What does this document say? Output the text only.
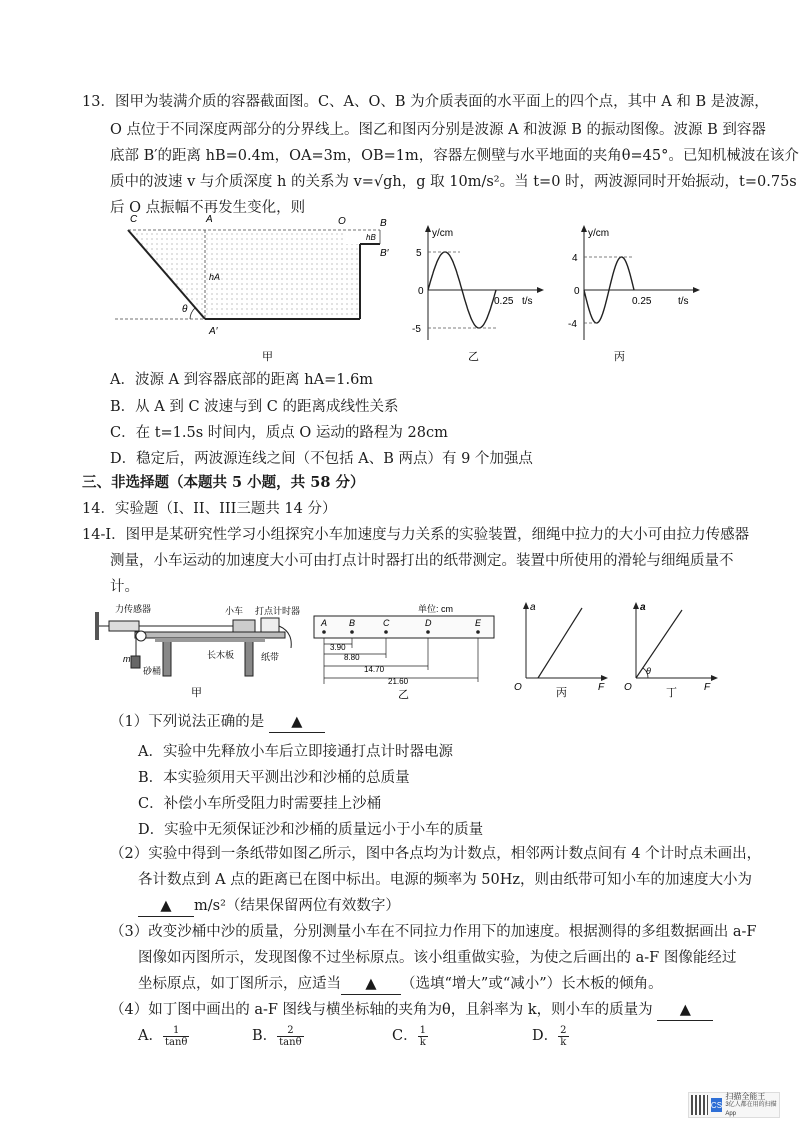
13．图甲为装满介质的容器截面图。C、A、O、B 为介质表面的水平面上的四个点，其中 A 和 B 是波源，
O 点位于不同深度两部分的分界线上。图乙和图丙分别是波源 A 和波源 B 的振动图像。波源 B 到容器
底部 B′的距离 hB=0.4m，OA=3m，OB=1m，容器左侧壁与水平地面的夹角θ=45°。已知机械波在该介
质中的波速 v 与介质深度 h 的关系为 v=√gh，g 取 10m/s²。当 t=0 时，两波源同时开始振动，t=0.75s
后 O 点振幅不再发生变化，则
C	A	O	B
B′
A′
hA
hB
θ
甲
y/cm
t/s
5
-5
0
0.25
乙
y/cm
t/s
4
-4
0
0.25
丙
A．波源 A 到容器底部的距离 hA=1.6m
B．从 A 到 C 波速与到 C 的距离成线性关系
C．在 t=1.5s 时间内，质点 O 运动的路程为 28cm
D．稳定后，两波源连线之间（不包括 A、B 两点）有 9 个加强点
三、非选择题（本题共 5 小题，共 58 分）
14．实验题（I、II、III三题共 14 分）
14-I．图甲是某研究性学习小组探究小车加速度与力关系的实验装置，细绳中拉力的大小可由拉力传感器
测量，小车运动的加速度大小可由打点计时器打出的纸带测定。装置中所使用的滑轮与细绳质量不
计。
力传感器	小车 打点计时器
长木板	纸带
砂桶
m
甲
单位: cm
A B	C	D	E
3.90
8.80
14.70
21.60
乙
a
F
O	丙
a
F
O
θ
丁
（1）下列说法正确的是 ▲
A．实验中先释放小车后立即接通打点计时器电源
B．本实验须用天平测出沙和沙桶的总质量
C．补偿小车所受阻力时需要挂上沙桶
D．实验中无须保证沙和沙桶的质量远小于小车的质量
（2）实验中得到一条纸带如图乙所示，图中各点均为计数点，相邻两计数点间有 4 个计时点未画出，
各计数点到 A 点的距离已在图中标出。电源的频率为 50Hz，则由纸带可知小车的加速度大小为
▲ m/s²（结果保留两位有效数字）
（3）改变沙桶中沙的质量，分别测量小车在不同拉力作用下的加速度。根据测得的多组数据画出 a-F
图像如丙图所示，发现图像不过坐标原点。该小组重做实验，为使之后画出的 a-F 图像能经过
坐标原点，如丁图所示，应适当 ▲ （选填“增大”或“减小”）长木板的倾角。
（4）如丁图中画出的 a-F 图线与横坐标轴的夹角为θ，且斜率为 k，则小车的质量为 ▲
A． $\frac{1}{\tan\theta}$	B． $\frac{2}{\tan\theta}$	C． $\frac{1}{k}$	D． $\frac{2}{k}$
CS
扫描全能王
3亿人都在用的扫描App
